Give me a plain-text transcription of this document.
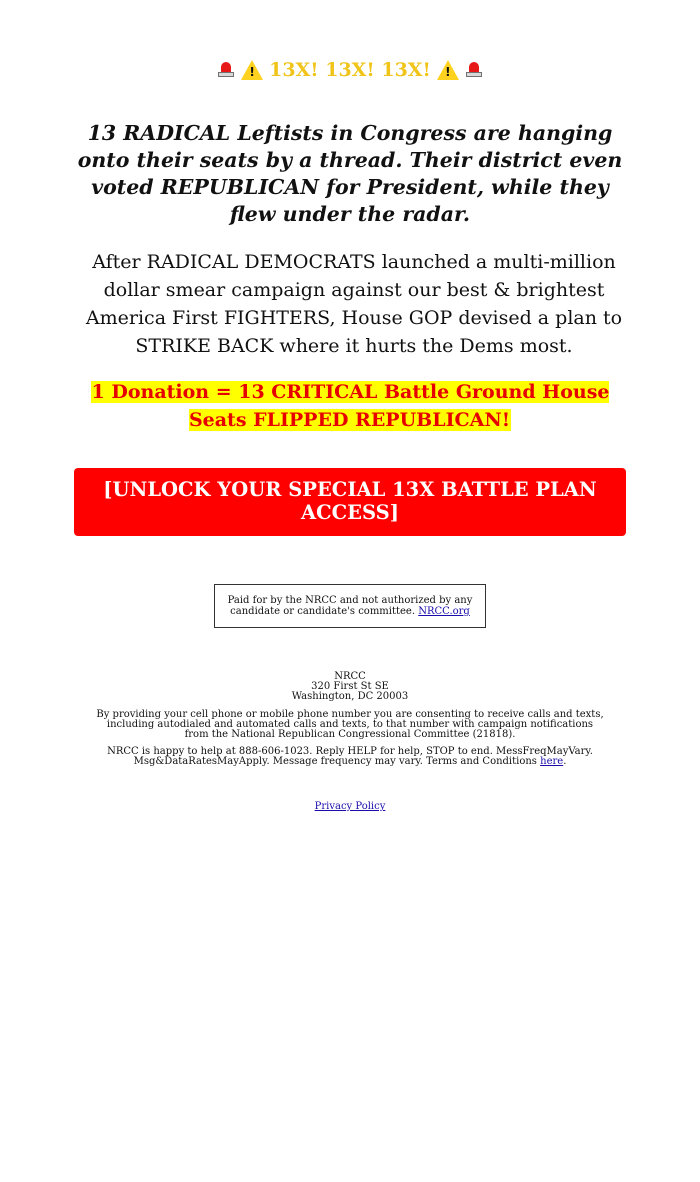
! 13X! 13X! 13X!	!
13 RADICAL Leftists in Congress are hanging onto their seats by a thread. Their district even voted REPUBLICAN for President, while they flew under the radar.
After RADICAL DEMOCRATS launched a multi-million dollar smear campaign against our best & brightest America First FIGHTERS, House GOP devised a plan to STRIKE BACK where it hurts the Dems most.
1 Donation = 13 CRITICAL Battle Ground House Seats FLIPPED REPUBLICAN!
[UNLOCK YOUR SPECIAL 13X BATTLE PLAN ACCESS]
Paid for by the NRCC and not authorized by any candidate or candidate's committee. NRCC.org
NRCC
320 First St SE
Washington, DC 20003

By providing your cell phone or mobile phone number you are consenting to receive calls and texts, including autodialed and automated calls and texts, to that number with campaign notifications from the National Republican Congressional Committee (21818).

NRCC is happy to help at 888-606-1023. Reply HELP for help, STOP to end. MessFreqMayVary. Msg&DataRatesMayApply. Message frequency may vary. Terms and Conditions here.

Privacy Policy
